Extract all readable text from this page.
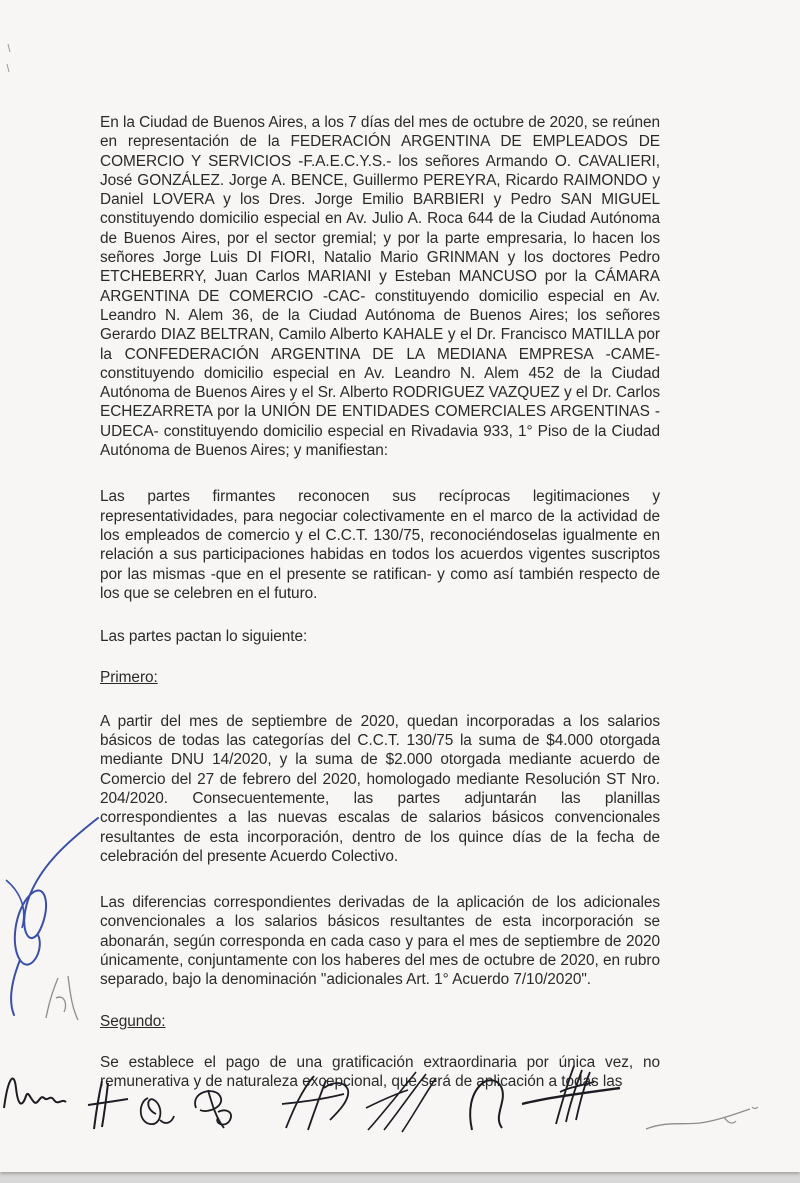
En la Ciudad de Buenos Aires, a los 7 días del mes de octubre de 2020, se reúnen en representación de la FEDERACIÓN ARGENTINA DE EMPLEADOS DE COMERCIO Y SERVICIOS -F.A.E.C.Y.S.- los señores Armando O. CAVALIERI, José GONZÁLEZ. Jorge A. BENCE, Guillermo PEREYRA, Ricardo RAIMONDO y Daniel LOVERA y los Dres. Jorge Emilio BARBIERI y Pedro SAN MIGUEL constituyendo domicilio especial en Av. Julio A. Roca 644 de la Ciudad Autónoma de Buenos Aires, por el sector gremial; y por la parte empresaria, lo hacen los señores Jorge Luis DI FIORI, Natalio Mario GRINMAN y los doctores Pedro ETCHEBERRY, Juan Carlos MARIANI y Esteban MANCUSO por la CÁMARA ARGENTINA DE COMERCIO -CAC- constituyendo domicilio especial en Av. Leandro N. Alem 36, de la Ciudad Autónoma de Buenos Aires; los señores Gerardo DIAZ BELTRAN, Camilo Alberto KAHALE y el Dr. Francisco MATILLA por la CONFEDERACIÓN ARGENTINA DE LA MEDIANA EMPRESA -CAME- constituyendo domicilio especial en Av. Leandro N. Alem 452 de la Ciudad Autónoma de Buenos Aires y el Sr. Alberto RODRIGUEZ VAZQUEZ y el Dr. Carlos ECHEZARRETA por la UNIÓN DE ENTIDADES COMERCIALES ARGENTINAS -UDECA- constituyendo domicilio especial en Rivadavia 933, 1° Piso de la Ciudad Autónoma de Buenos Aires; y manifiestan:

Las partes firmantes reconocen sus recíprocas legitimaciones y representatividades, para negociar colectivamente en el marco de la actividad de los empleados de comercio y el C.C.T. 130/75, reconociéndoselas igualmente en relación a sus participaciones habidas en todos los acuerdos vigentes suscriptos por las mismas -que en el presente se ratifican- y como así también respecto de los que se celebren en el futuro.

Las partes pactan lo siguiente:

Primero:

A partir del mes de septiembre de 2020, quedan incorporadas a los salarios básicos de todas las categorías del C.C.T. 130/75 la suma de $4.000 otorgada mediante DNU 14/2020, y la suma de $2.000 otorgada mediante acuerdo de Comercio del 27 de febrero del 2020, homologado mediante Resolución ST Nro. 204/2020. Consecuentemente, las partes adjuntarán las planillas correspondientes a las nuevas escalas de salarios básicos convencionales resultantes de esta incorporación, dentro de los quince días de la fecha de celebración del presente Acuerdo Colectivo.

Las diferencias correspondientes derivadas de la aplicación de los adicionales convencionales a los salarios básicos resultantes de esta incorporación se abonarán, según corresponda en cada caso y para el mes de septiembre de 2020 únicamente, conjuntamente con los haberes del mes de octubre de 2020, en rubro separado, bajo la denominación "adicionales Art. 1° Acuerdo 7/10/2020".

Segundo:

Se establece el pago de una gratificación extraordinaria por única vez, no remunerativa y de naturaleza excepcional, que será de aplicación a todas las
